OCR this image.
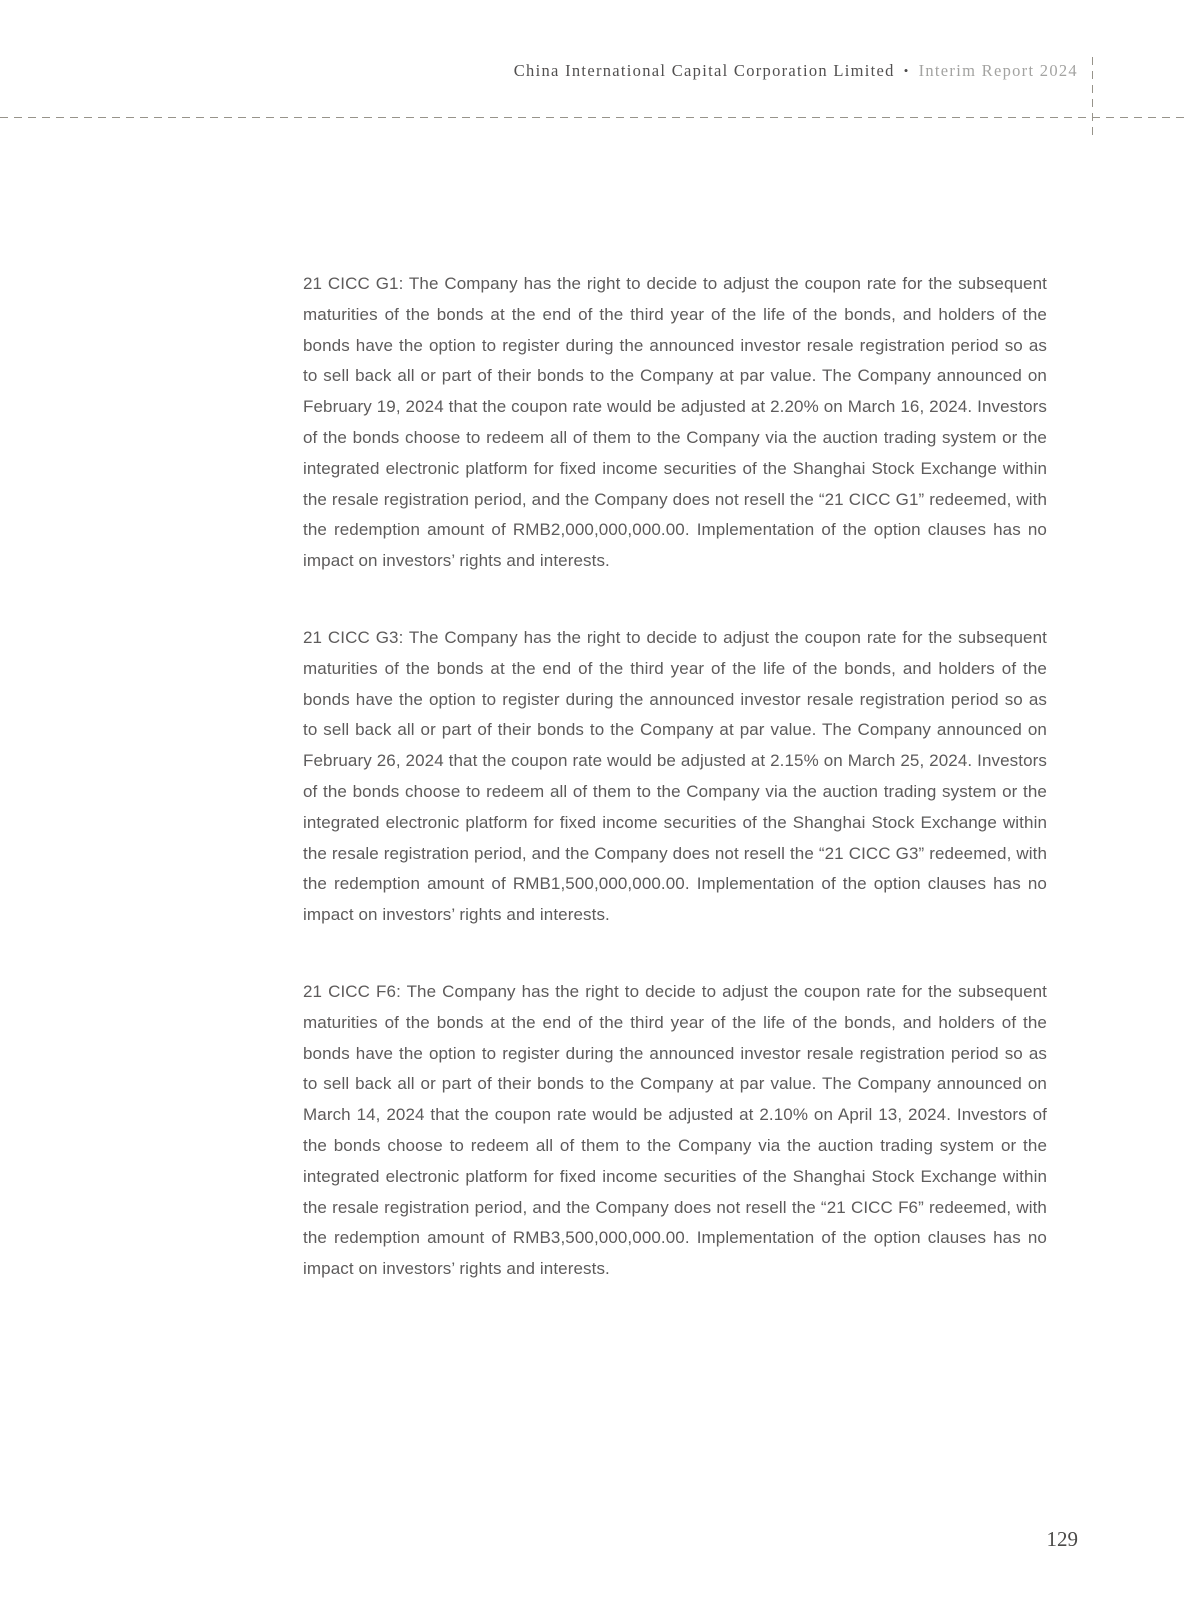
China International Capital Corporation Limited • Interim Report 2024

21 CICC G1: The Company has the right to decide to adjust the coupon rate for the subsequent maturities of the bonds at the end of the third year of the life of the bonds, and holders of the bonds have the option to register during the announced investor resale registration period so as to sell back all or part of their bonds to the Company at par value. The Company announced on February 19, 2024 that the coupon rate would be adjusted at 2.20% on March 16, 2024. Investors of the bonds choose to redeem all of them to the Company via the auction trading system or the integrated electronic platform for fixed income securities of the Shanghai Stock Exchange within the resale registration period, and the Company does not resell the “21 CICC G1” redeemed, with the redemption amount of RMB2,000,000,000.00. Implementation of the option clauses has no impact on investors’ rights and interests.

21 CICC G3: The Company has the right to decide to adjust the coupon rate for the subsequent maturities of the bonds at the end of the third year of the life of the bonds, and holders of the bonds have the option to register during the announced investor resale registration period so as to sell back all or part of their bonds to the Company at par value. The Company announced on February 26, 2024 that the coupon rate would be adjusted at 2.15% on March 25, 2024. Investors of the bonds choose to redeem all of them to the Company via the auction trading system or the integrated electronic platform for fixed income securities of the Shanghai Stock Exchange within the resale registration period, and the Company does not resell the “21 CICC G3” redeemed, with the redemption amount of RMB1,500,000,000.00. Implementation of the option clauses has no impact on investors’ rights and interests.

21 CICC F6: The Company has the right to decide to adjust the coupon rate for the subsequent maturities of the bonds at the end of the third year of the life of the bonds, and holders of the bonds have the option to register during the announced investor resale registration period so as to sell back all or part of their bonds to the Company at par value. The Company announced on March 14, 2024 that the coupon rate would be adjusted at 2.10% on April 13, 2024. Investors of the bonds choose to redeem all of them to the Company via the auction trading system or the integrated electronic platform for fixed income securities of the Shanghai Stock Exchange within the resale registration period, and the Company does not resell the “21 CICC F6” redeemed, with the redemption amount of RMB3,500,000,000.00. Implementation of the option clauses has no impact on investors’ rights and interests.

129
